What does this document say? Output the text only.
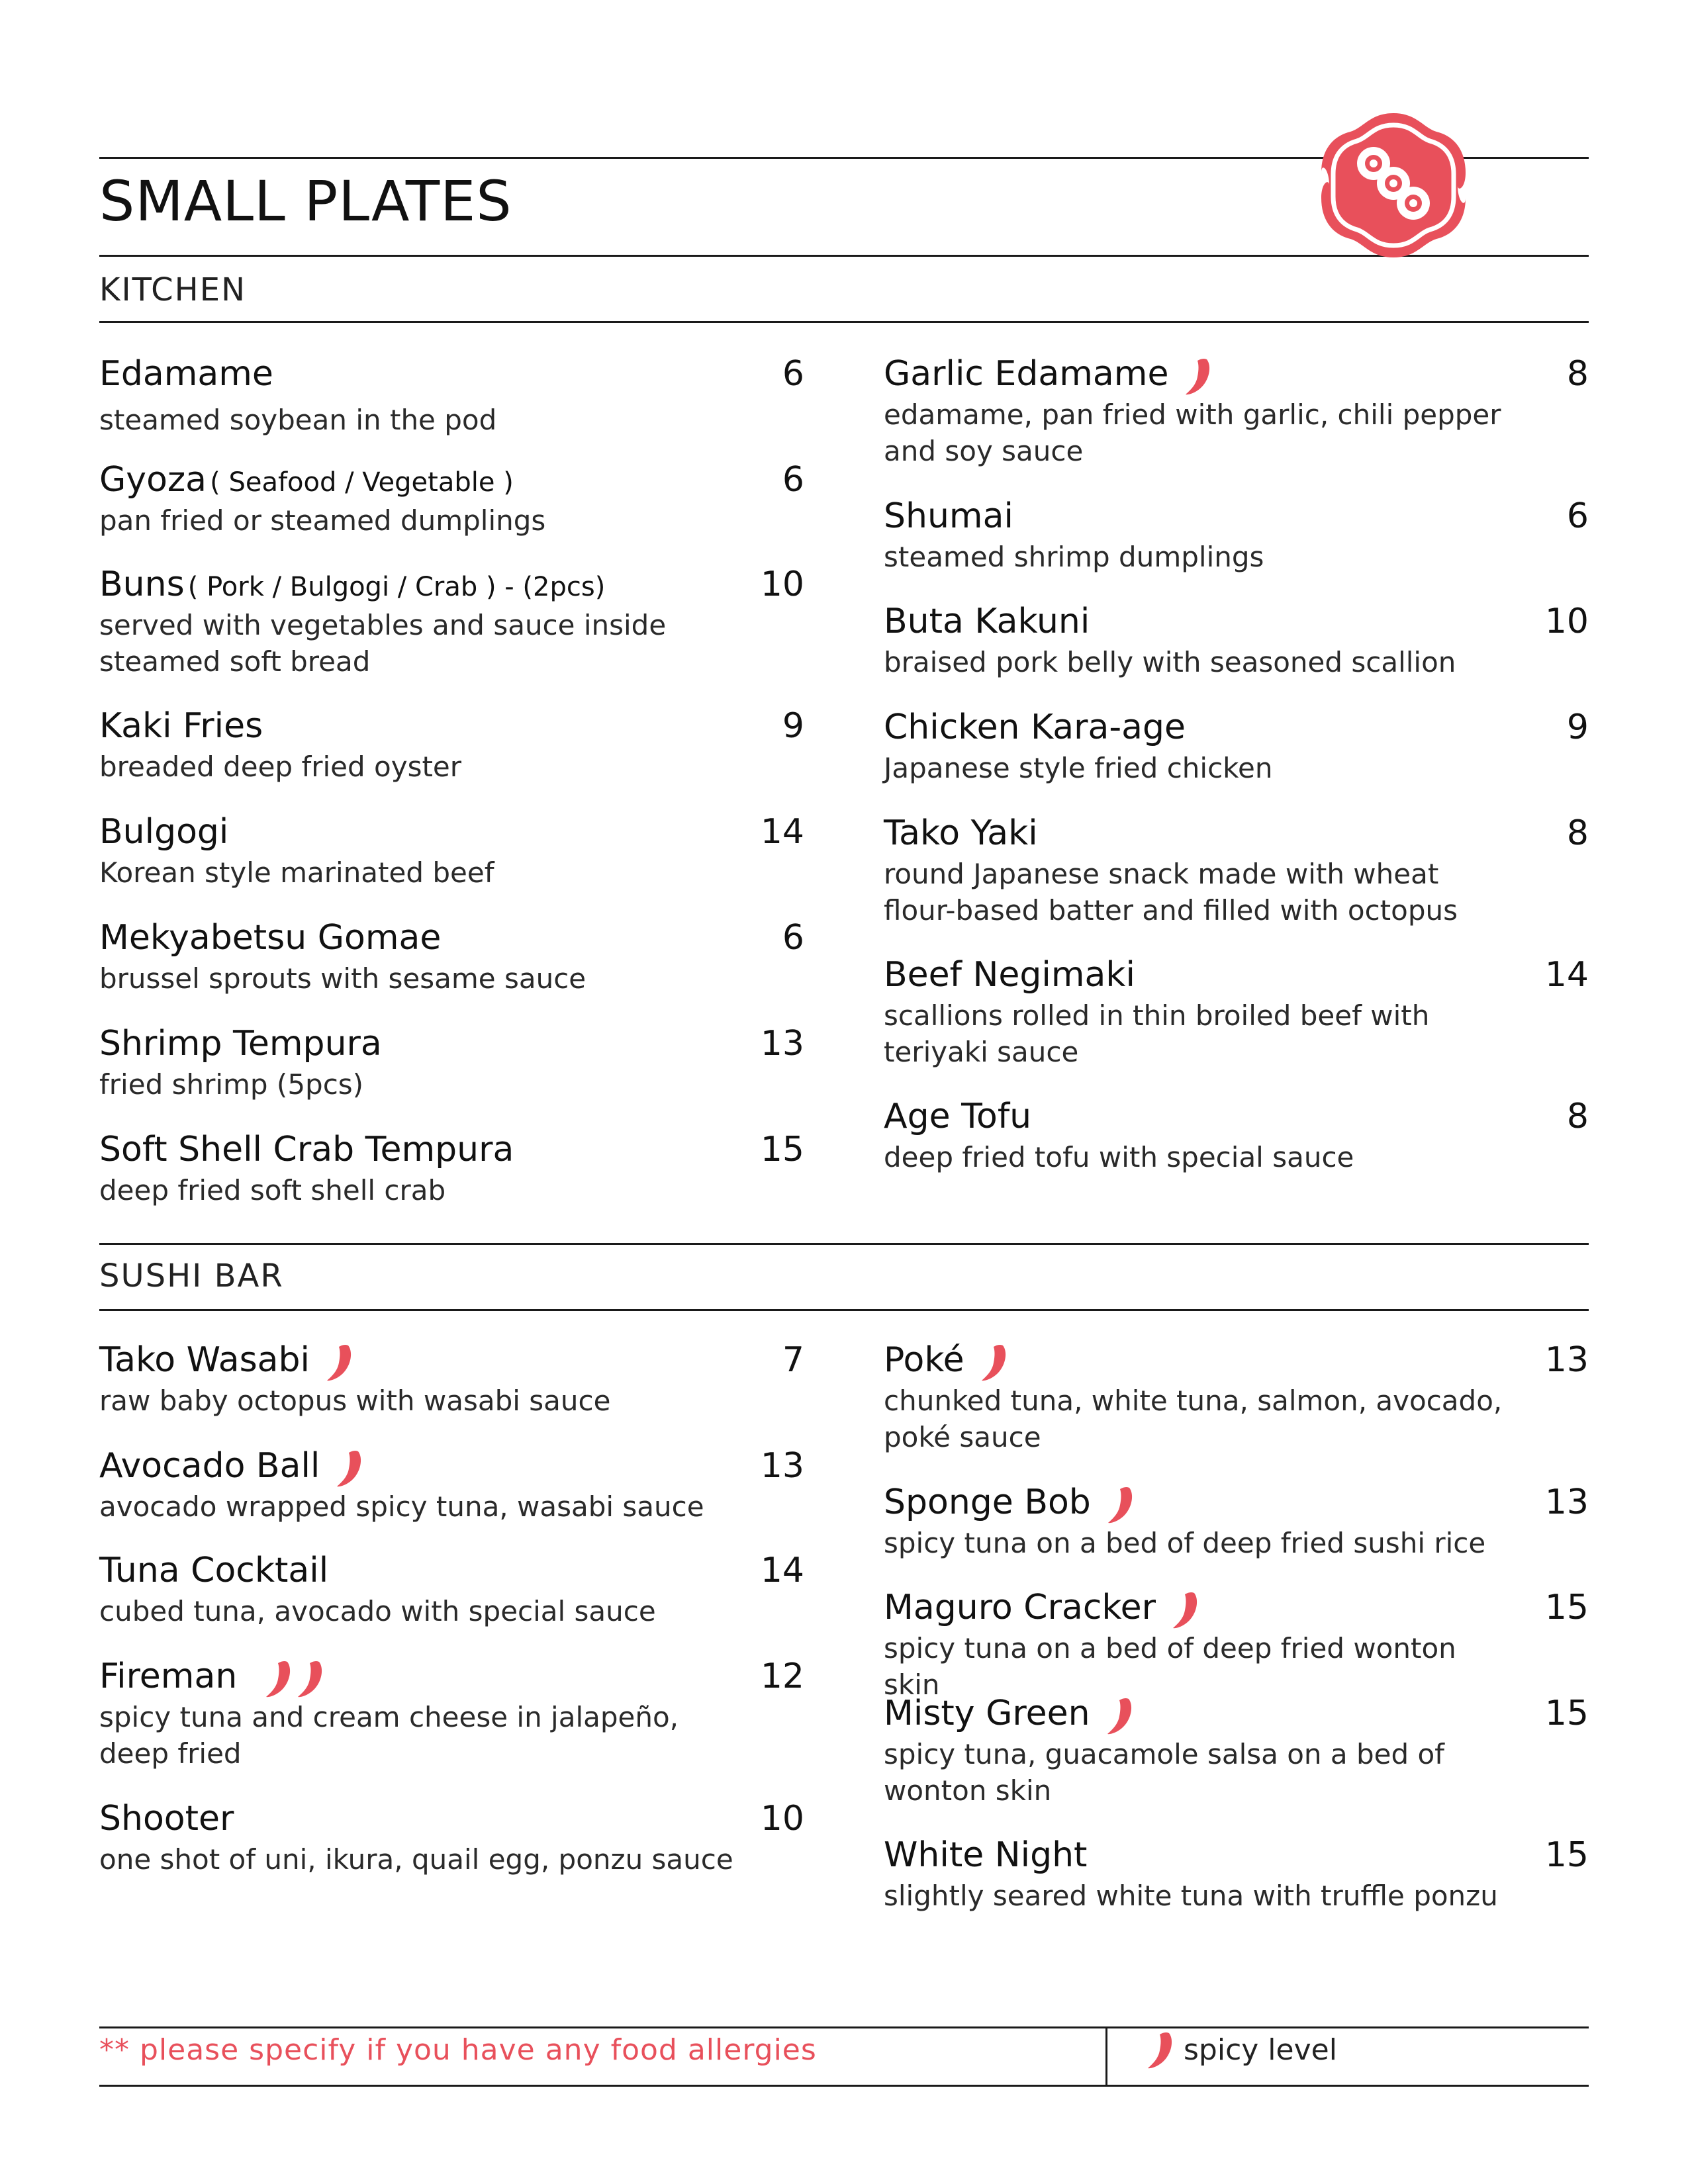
SMALL PLATES
KITCHEN
Edamame	6
steamed soybean in the pod
Gyoza ( Seafood / Vegetable )	6
pan fried or steamed dumplings
Buns ( Pork / Bulgogi / Crab ) - (2pcs)	10
served with vegetables and sauce inside steamed soft bread
Kaki Fries	9
breaded deep fried oyster
Bulgogi	14
Korean style marinated beef
Mekyabetsu Gomae	6
brussel sprouts with sesame sauce
Shrimp Tempura	13
fried shrimp (5pcs)
Soft Shell Crab Tempura	15
deep fried soft shell crab
Garlic Edamame	8
edamame, pan fried with garlic, chili pepper and soy sauce
Shumai	6
steamed shrimp dumplings
Buta Kakuni	10
braised pork belly with seasoned scallion
Chicken Kara-age	9
Japanese style fried chicken
Tako Yaki	8
round Japanese snack made with wheat flour-based batter and filled with octopus
Beef Negimaki	14
scallions rolled in thin broiled beef with teriyaki sauce
Age Tofu	8
deep fried tofu with special sauce
SUSHI BAR
Tako Wasabi	7
raw baby octopus with wasabi sauce
Avocado Ball	13
avocado wrapped spicy tuna, wasabi sauce
Tuna Cocktail	14
cubed tuna, avocado with special sauce
Fireman	12
spicy tuna and cream cheese in jalapeño, deep fried
Shooter	10
one shot of uni, ikura, quail egg, ponzu sauce
Poké	13
chunked tuna, white tuna, salmon, avocado, poké sauce
Sponge Bob	13
spicy tuna on a bed of deep fried sushi rice
Maguro Cracker	15
spicy tuna on a bed of deep fried wonton skin
Misty Green	15
spicy tuna, guacamole salsa on a bed of wonton skin
White Night	15
slightly seared white tuna with truffle ponzu
** please specify if you have any food allergies	spicy level
